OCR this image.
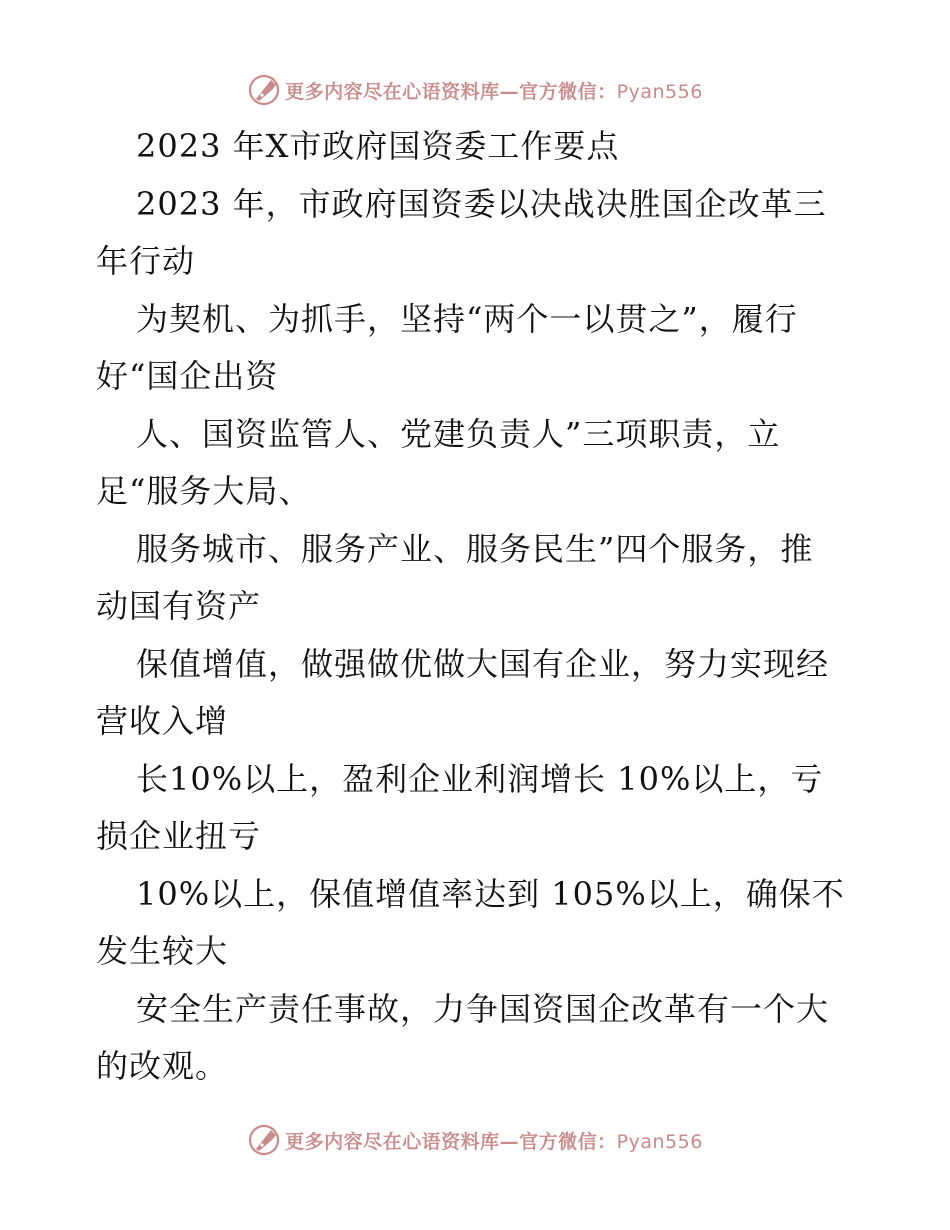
更多内容尽在心语资料库—官方微信：Pyan556
2023 年X市政府国资委工作要点
2023 年，市政府国资委以决战决胜国企改革三
年行动
为契机、为抓手，坚持“两个一以贯之”，履行
好“国企出资
人、国资监管人、党建负责人”三项职责，立
足“服务大局、
服务城市、服务产业、服务民生”四个服务，推
动国有资产
保值增值，做强做优做大国有企业，努力实现经
营收入增
长10%以上，盈利企业利润增长 10%以上，亏
损企业扭亏
10%以上，保值增值率达到 105%以上，确保不
发生较大
安全生产责任事故，力争国资国企改革有一个大
的改观。
更多内容尽在心语资料库—官方微信：Pyan556
